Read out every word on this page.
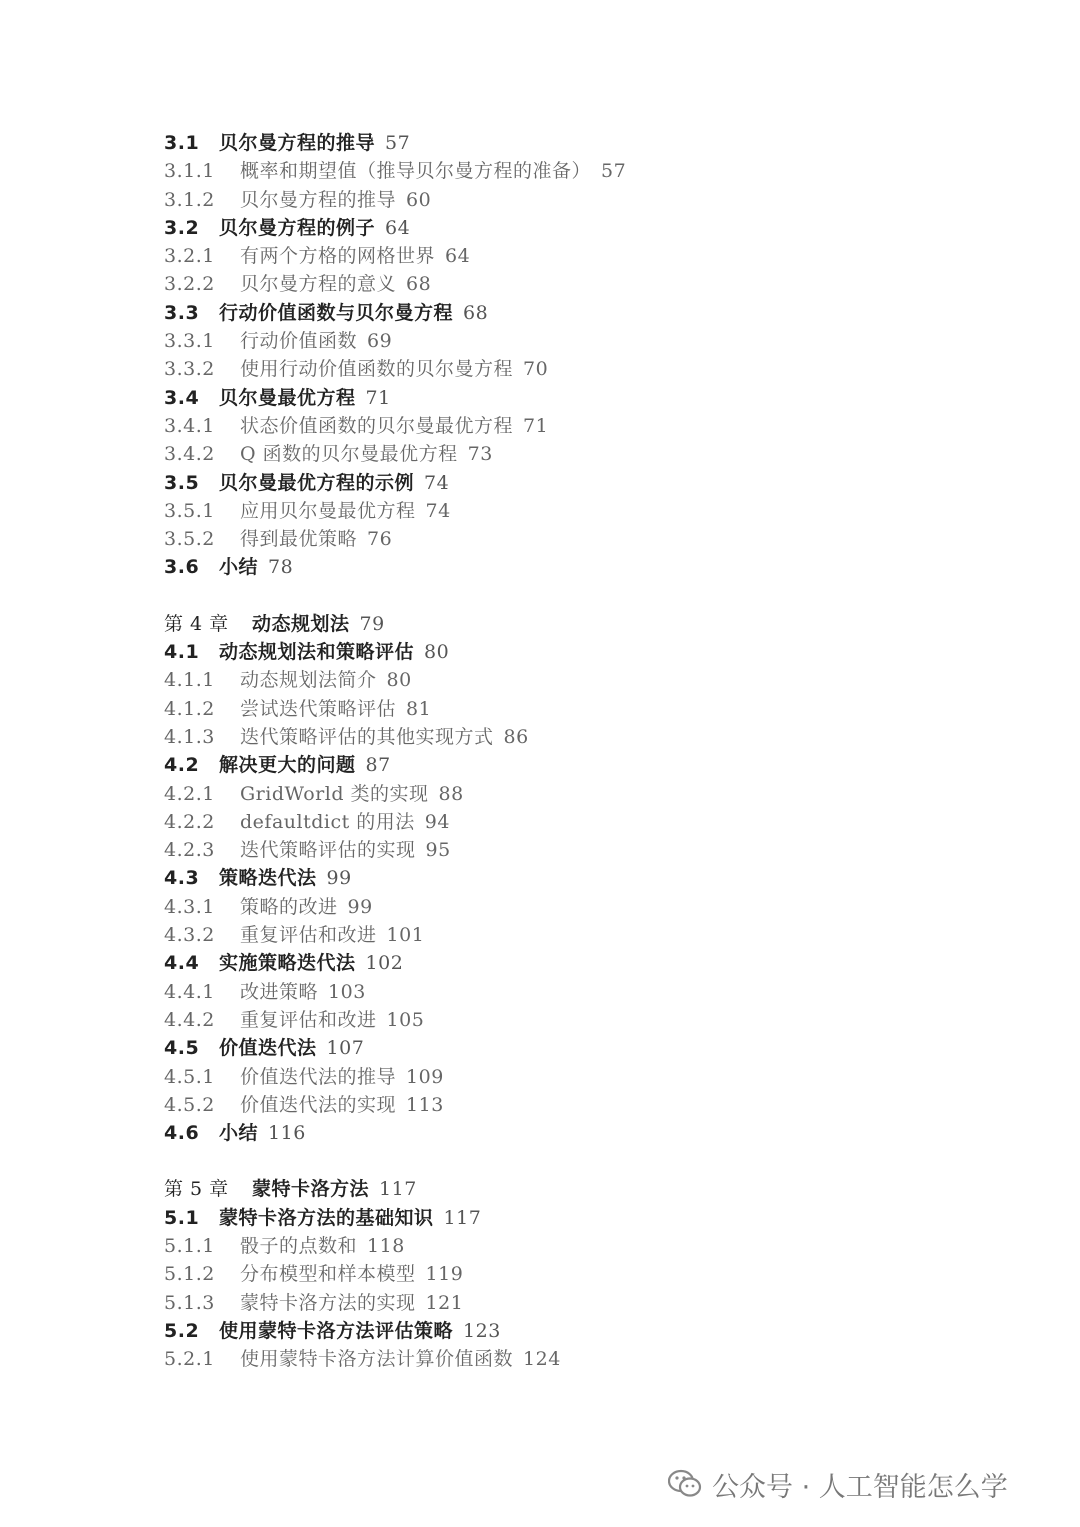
3.1 贝尔曼方程的推导 57
3.1.1 概率和期望值（推导贝尔曼方程的准备） 57
3.1.2 贝尔曼方程的推导 60
3.2 贝尔曼方程的例子 64
3.2.1 有两个方格的网格世界 64
3.2.2 贝尔曼方程的意义 68
3.3 行动价值函数与贝尔曼方程 68
3.3.1 行动价值函数 69
3.3.2 使用行动价值函数的贝尔曼方程 70
3.4 贝尔曼最优方程 71
3.4.1 状态价值函数的贝尔曼最优方程 71
3.4.2 Q 函数的贝尔曼最优方程 73
3.5 贝尔曼最优方程的示例 74
3.5.1 应用贝尔曼最优方程 74
3.5.2 得到最优策略 76
3.6 小结 78
第 4 章 动态规划法 79
4.1 动态规划法和策略评估 80
4.1.1 动态规划法简介 80
4.1.2 尝试迭代策略评估 81
4.1.3 迭代策略评估的其他实现方式 86
4.2 解决更大的问题 87
4.2.1 GridWorld 类的实现 88
4.2.2 defaultdict 的用法 94
4.2.3 迭代策略评估的实现 95
4.3 策略迭代法 99
4.3.1 策略的改进 99
4.3.2 重复评估和改进 101
4.4 实施策略迭代法 102
4.4.1 改进策略 103
4.4.2 重复评估和改进 105
4.5 价值迭代法 107
4.5.1 价值迭代法的推导 109
4.5.2 价值迭代法的实现 113
4.6 小结 116
第 5 章 蒙特卡洛方法 117
5.1 蒙特卡洛方法的基础知识 117
5.1.1 骰子的点数和 118
5.1.2 分布模型和样本模型 119
5.1.3 蒙特卡洛方法的实现 121
5.2 使用蒙特卡洛方法评估策略 123
5.2.1 使用蒙特卡洛方法计算价值函数 124
公众号 · 人工智能怎么学
